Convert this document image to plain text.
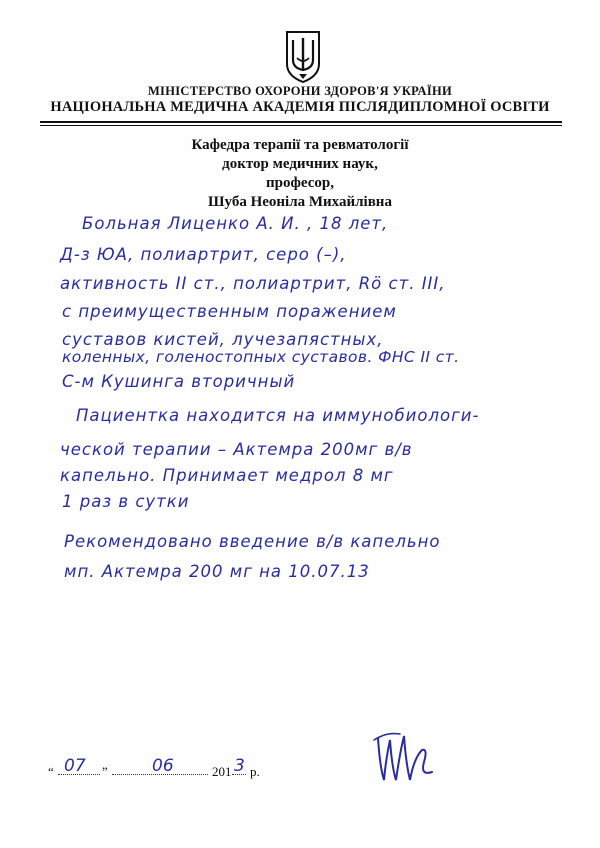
МІНІСТЕРСТВО ОХОРОНИ ЗДОРОВ'Я УКРАЇНИ
НАЦІОНАЛЬНА МЕДИЧНА АКАДЕМІЯ ПІСЛЯДИПЛОМНОЇ ОСВІТИ
Кафедра терапії та ревматології
доктор медичних наук,
професор,
Шуба Неоніла Михайлівна
Больная Лиценко А. И. , 18 лет,
Д-з ЮА, полиартрит, серо (–),
активность II ст., полиартрит, Rö ст. III,
с преимущественным поражением
суставов кистей, лучезапястных,
коленных, голеностопных суставов. ФНС II ст.
С-м Кушинга вторичный
Пациентка находится на иммунобиологи-
ческой терапии – Актемра 200мг в/в
капельно. Принимает медрол 8 мг
1 раз в сутки
Рекомендовано введение в/в капельно
мп. Актемра 200 мг на 10.07.13
“ 07 ”	06	201 3 р.
